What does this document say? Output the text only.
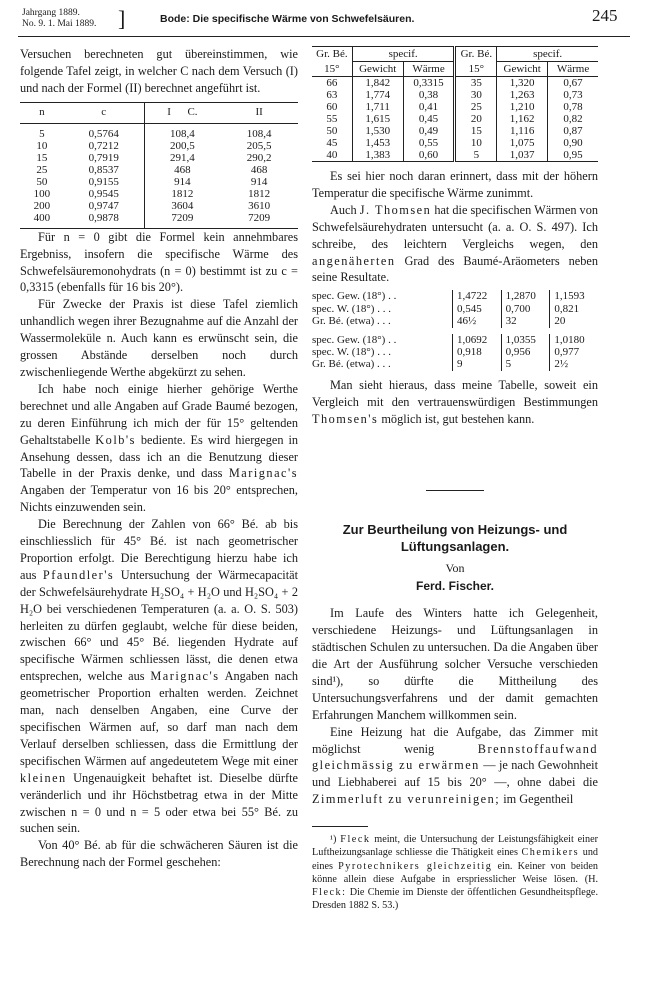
Jahrgang 1889.
No. 9. 1. Mai 1889. ]	Bode: Die specifische Wärme von Schwefelsäuren.	245

Versuchen berechneten gut übereinstimmen, wie folgende Tafel zeigt, in welcher C nach dem Versuch (I) und nach der Formel (II) berechnet angeführt ist.

n	c	I C.	II
5	0,5764	108,4	108,4
10	0,7212	200,5	205,5
15	0,7919	291,4	290,2
25	0,8537	468	468
50	0,9155	914	914
100	0,9545	1812	1812
200	0,9747	3604	3610
400	0,9878	7209	7209

Für n = 0 gibt die Formel kein annehmbares Ergebniss, insofern die specifische Wärme des Schwefelsäuremonohydrats (n = 0) bestimmt ist zu c = 0,3315 (ebenfalls für 16 bis 20°).

Für Zwecke der Praxis ist diese Tafel ziemlich unhandlich wegen ihrer Bezugnahme auf die Anzahl der Wassermoleküle n. Auch kann es erwünscht sein, die grossen Abstände derselben noch durch zwischenliegende Werthe abgekürzt zu sehen.

Ich habe noch einige hierher gehörige Werthe berechnet und alle Angaben auf Grade Baumé bezogen, zu deren Einführung ich mich der für 15° geltenden Gehaltstabelle Kolb's bediente. Es wird hiergegen in Ansehung dessen, dass ich an die Benutzung dieser Tabelle in der Praxis denke, und dass Marignac's Angaben der Temperatur von 16 bis 20° entsprechen, Nichts einzuwenden sein.

Die Berechnung der Zahlen von 66° Bé. ab bis einschliesslich für 45° Bé. ist nach geometrischer Proportion erfolgt. Die Berechtigung hierzu habe ich aus Pfaundler's Untersuchung der Wärmecapacität der Schwefelsäurehydrate H₂SO₄ + H₂O und H₂SO₄ + 2 H₂O bei verschiedenen Temperaturen (a. a. O. S. 503) herleiten zu dürfen geglaubt, welche für diese beiden, zwischen 66° und 45° Bé. liegenden Hydrate auf specifische Wärmen schliessen lässt, die denen etwa entsprechen, welche aus Marignac's Angaben nach geometrischer Proportion erhalten werden. Zeichnet man, nach denselben Angaben, eine Curve der specifischen Wärmen auf, so darf man nach dem Verlauf derselben schliessen, dass die Ermittlung der specifischen Wärmen auf angedeutetem Wege mit einer kleinen Ungenauigkeit behaftet ist. Dieselbe dürfte veränderlich und ihr Höchstbetrag etwa in der Mitte zwischen n = 0 und n = 5 oder etwa bei 55° Bé. zu suchen sein.

Von 40° Bé. ab für die schwächeren Säuren ist die Berechnung nach der Formel geschehen:

Gr. Bé.	specif.		Gr. Bé.	specif.	
15°	Gewicht	Wärme	15°	Gewicht	Wärme
66	1,842	0,3315	35	1,320	0,67
63	1,774	0,38	30	1,263	0,73
60	1,711	0,41	25	1,210	0,78
55	1,615	0,45	20	1,162	0,82
50	1,530	0,49	15	1,116	0,87
45	1,453	0,55	10	1,075	0,90
40	1,383	0,60	5	1,037	0,95

Es sei hier noch daran erinnert, dass mit der höhern Temperatur die specifische Wärme zunimmt.

Auch J. Thomsen hat die specifischen Wärmen von Schwefelsäurehydraten untersucht (a. a. O. S. 497). Ich schreibe, des leichtern Vergleichs wegen, den angenäherten Grad des Baumé-Aräometers neben seine Resultate.

spec. Gew. (18°) . .	1,4722	1,2870	1,1593
spec. W. (18°) . . .	0,545	0,700	0,821
Gr. Bé. (etwa) . . .	46½	32	20

spec. Gew. (18°) . .	1,0692	1,0355	1,0180
spec. W. (18°) . . .	0,918	0,956	0,977
Gr. Bé. (etwa) . . .	9	5	2½

Man sieht hieraus, dass meine Tabelle, soweit ein Vergleich mit den vertrauenswürdigen Bestimmungen Thomsen's möglich ist, gut bestehen kann.

Zur Beurtheilung von Heizungs- und
Lüftungsanlagen.
Von
Ferd. Fischer.

Im Laufe des Winters hatte ich Gelegenheit, verschiedene Heizungs- und Lüftungsanlagen in städtischen Schulen zu untersuchen. Da die Angaben über die Art der Ausführung solcher Versuche verschieden sind¹), so dürfte die Mittheilung des Untersuchungsverfahrens und der damit gemachten Erfahrungen Manchem willkommen sein.

Eine Heizung hat die Aufgabe, das Zimmer mit möglichst wenig	Brennstoffaufwand gleichmässig zu erwärmen — je nach Gewohnheit und Liebhaberei auf 15 bis 20° —, ohne dabei die Zimmerluft zu verunreinigen; im Gegentheil

¹) Fleck meint, die Untersuchung der Leistungsfähigkeit einer Luftheizungsanlage schliesse die Thätigkeit eines Chemikers und eines Pyrotechnikers gleichzeitig ein. Keiner von beiden könne allein diese Aufgabe in erspriesslicher Weise lösen. (H. Fleck: Die Chemie im Dienste der öffentlichen Gesundheitspflege. Dresden 1882 S. 53.)
